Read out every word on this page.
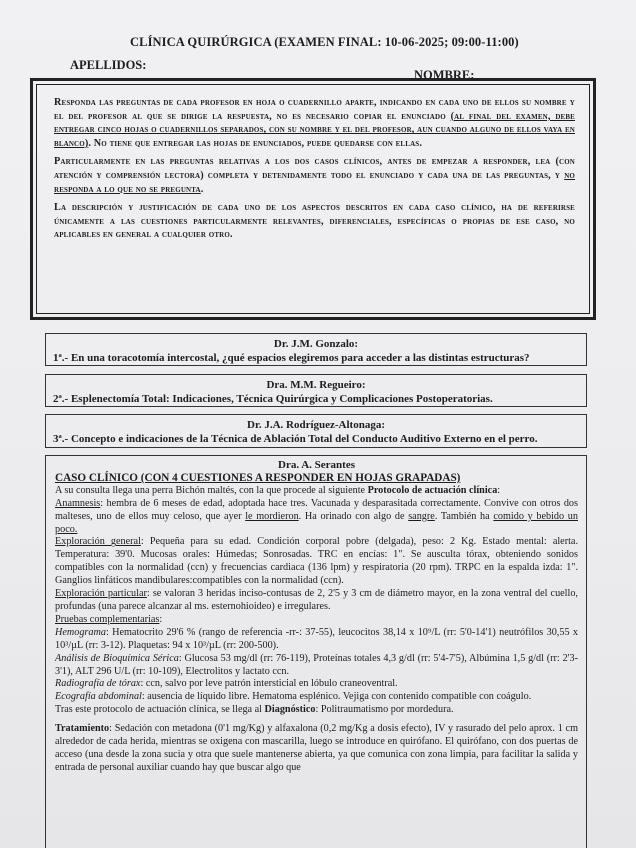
CLÍNICA QUIRÚRGICA (EXAMEN FINAL: 10-06-2025; 09:00-11:00)
APELLIDOS:
NOMBRE:

Responda las preguntas de cada profesor en hoja o cuadernillo aparte, indicando en cada uno de ellos su nombre y el del profesor al que se dirige la respuesta, no es necesario copiar el enunciado (al final del examen, debe entregar cinco hojas o cuadernillos separados, con su nombre y el del profesor, aun cuando alguno de ellos vaya en blanco). No tiene que entregar las hojas de enunciados, puede quedarse con ellas.

Particularmente en las preguntas relativas a los dos casos clínicos, antes de empezar a responder, lea (con atención y comprensión lectora) completa y detenidamente todo el enunciado y cada una de las preguntas, y no responda a lo que no se pregunta.

La descripción y justificación de cada uno de los aspectos descritos en cada caso clínico, ha de referirse únicamente a las cuestiones particularmente relevantes, diferenciales, específicas o propias de ese caso, no aplicables en general a cualquier otro.

Dr. J.M. Gonzalo:
1ª.- En una toracotomía intercostal, ¿qué espacios elegiremos para acceder a las distintas estructuras?
Dra. M.M. Regueiro:
2ª.- Esplenectomía Total: Indicaciones, Técnica Quirúrgica y Complicaciones Postoperatorias.
Dr. J.A. Rodríguez-Altonaga:
3ª.- Concepto e indicaciones de la Técnica de Ablación Total del Conducto Auditivo Externo en el perro.
Dra. A. Serantes
CASO CLÍNICO (CON 4 CUESTIONES A RESPONDER EN HOJAS GRAPADAS)

A su consulta llega una perra Bichón maltés, con la que procede al siguiente Protocolo de actuación clínica:

Anamnesis: hembra de 6 meses de edad, adoptada hace tres. Vacunada y desparasitada correctamente. Convive con otros dos malteses, uno de ellos muy celoso, que ayer le mordieron. Ha orinado con algo de sangre. También ha comido y bebido un poco.

Exploración general: Pequeña para su edad. Condición corporal pobre (delgada), peso: 2 Kg. Estado mental: alerta. Temperatura: 39'0. Mucosas orales: Húmedas; Sonrosadas. TRC en encías: 1". Se ausculta tórax, obteniendo sonidos compatibles con la normalidad (ccn) y frecuencias cardiaca (136 lpm) y respiratoria (20 rpm). TRPC en la espalda izda: 1". Ganglios linfáticos mandibulares:compatibles con la normalidad (ccn).

Exploración particular: se valoran 3 heridas inciso-contusas de 2, 2'5 y 3 cm de diámetro mayor, en la zona ventral del cuello, profundas (una parece alcanzar al ms. esternohioideo) e irregulares.

Pruebas complementarias:

Hemograma: Hematocrito 29'6 % (rango de referencia -rr-: 37-55), leucocitos 38,14 x 10⁹/L (rr: 5'0-14'1) neutrófilos 30,55 x 10³/µL (rr: 3-12). Plaquetas: 94 x 10³/µL (rr: 200-500).

Análisis de Bioquímica Sérica: Glucosa 53 mg/dl (rr: 76-119), Proteínas totales 4,3 g/dl (rr: 5'4-7'5), Albúmina 1,5 g/dl (rr: 2'3-3'1), ALT 296 U/L (rr: 10-109), Electrolitos y lactato ccn.

Radiografía de tórax: ccn, salvo por leve patrón intersticial en lóbulo craneoventral.

Ecografía abdominal: ausencia de líquido libre. Hematoma esplénico. Vejiga con contenido compatible con coágulo.

Tras este protocolo de actuación clínica, se llega al Diagnóstico: Politraumatismo por mordedura.

Tratamiento: Sedación con metadona (0'1 mg/Kg) y alfaxalona (0,2 mg/Kg a dosis efecto), IV y rasurado del pelo aprox. 1 cm alrededor de cada herida, mientras se oxigena con mascarilla, luego se introduce en quirófano. El quirófano, con dos puertas de acceso (una desde la zona sucia y otra que suele mantenerse abierta, ya que comunica con zona limpia, para facilitar la salida y entrada de personal auxiliar cuando hay que buscar algo que
